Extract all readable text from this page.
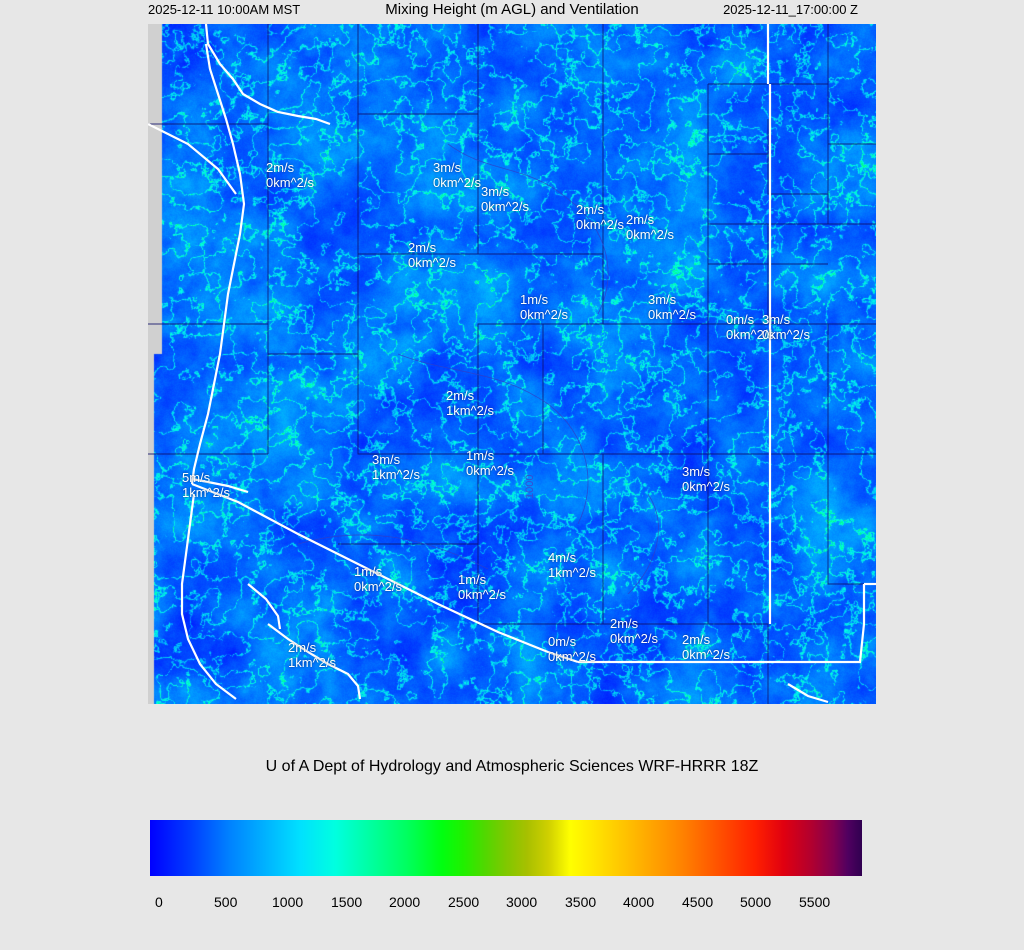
2025-12-11 10:00AM MST	Mixing Height (m AGL) and Ventilation	2025-12-11_17:00:00 Z
1000
2m/s
0km^2/s
3m/s
0km^2/s
3m/s
0km^2/s	2m/s
0km^2/s 2m/s
0km^2/s
2m/s
0km^2/s
1m/s
0km^2/s
3m/s
0km^2/s 0m/s
0km^2/s
3m/s
0km^2/s
2m/s
1km^2/s
3m/s
1km^2/s
1m/s
0km^2/s	3m/s
0km^2/s
5m/s
1km^2/s
1m/s
0km^2/s	1m/s
0km^2/s
4m/s
1km^2/s
2m/s
0km^2/s
0m/s
0km^2/s
2m/s
0km^2/s
2m/s
1km^2/s
U of A Dept of Hydrology and Atmospheric Sciences WRF-HRRR 18Z
0	500 1000 1500 2000 2500 3000 3500 4000 4500 5000 5500
